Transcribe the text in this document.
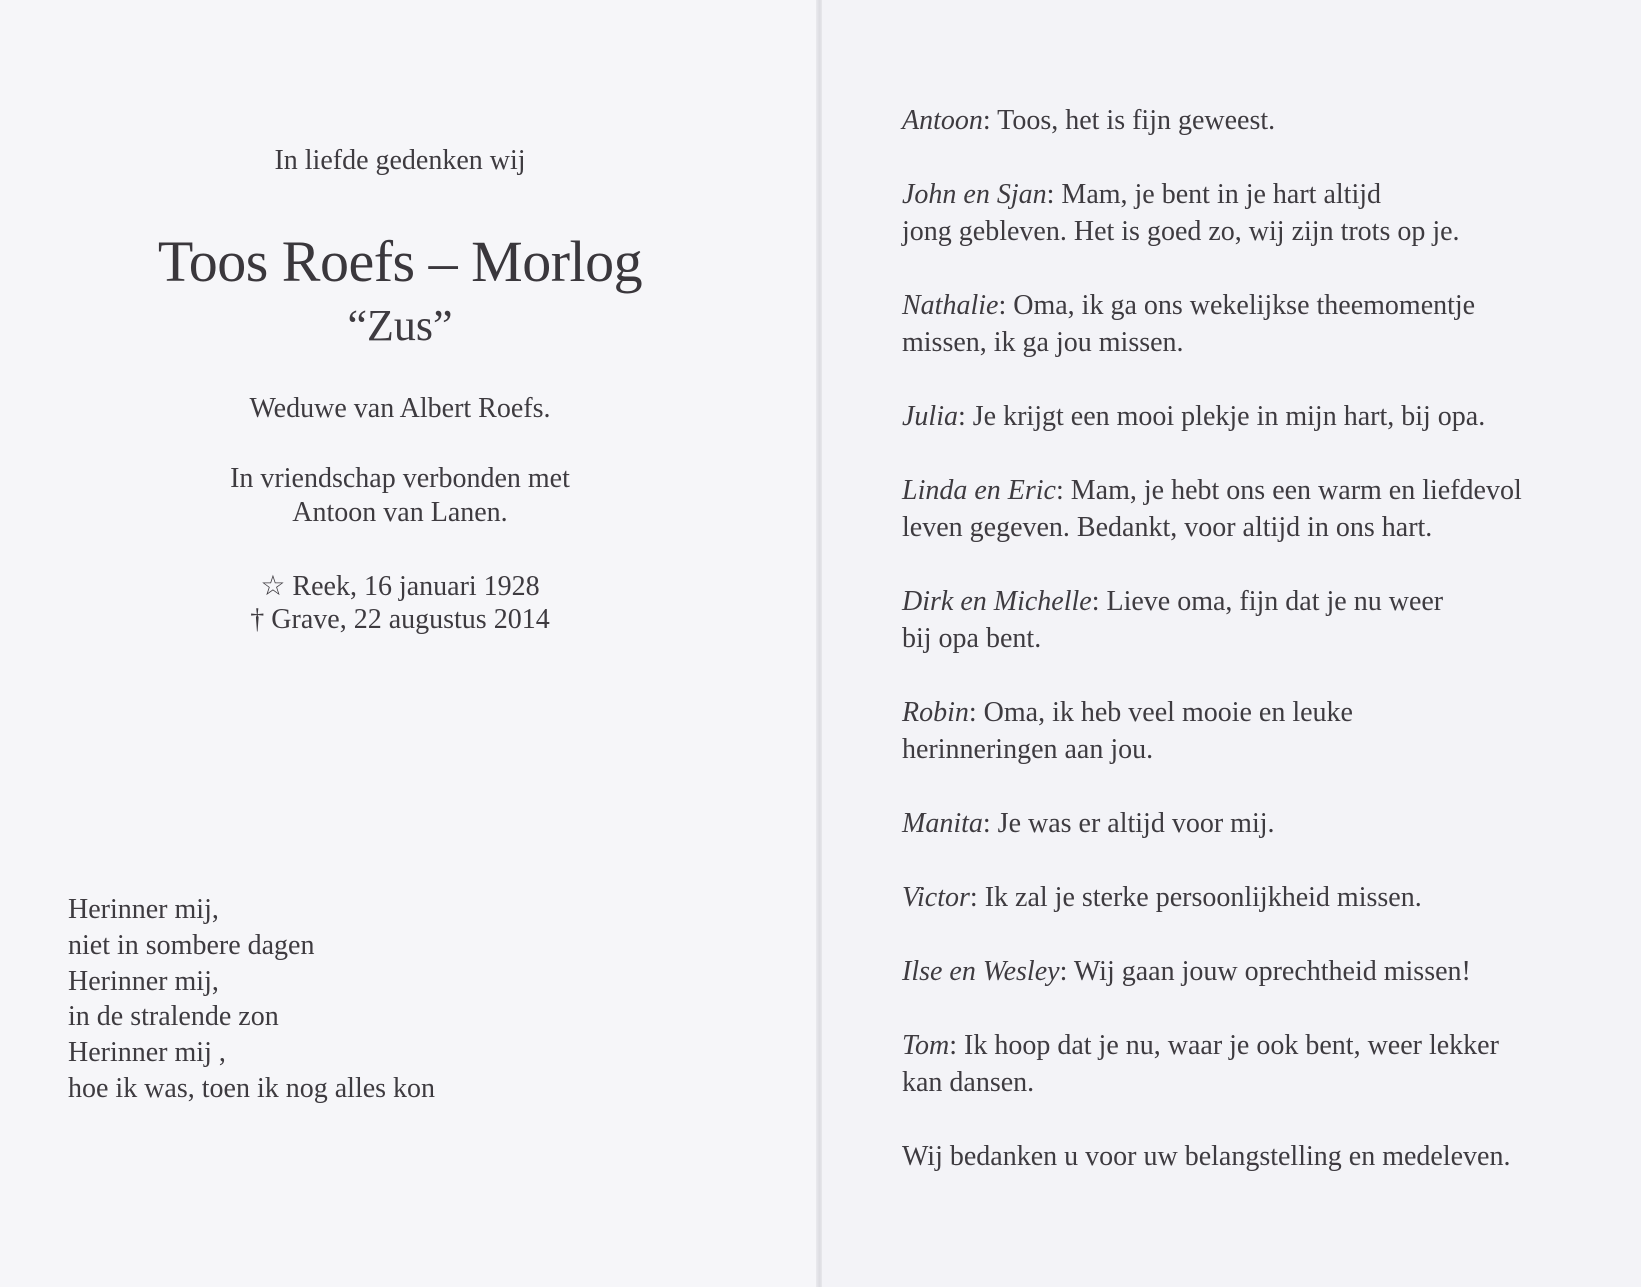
In liefde gedenken wij
Toos Roefs – Morlog
“Zus”
Weduwe van Albert Roefs.
In vriendschap verbonden met
Antoon van Lanen.
☆ Reek, 16 januari 1928
† Grave, 22 augustus 2014
Herinner mij,
niet in sombere dagen
Herinner mij,
in de stralende zon
Herinner mij ,
hoe ik was, toen ik nog alles kon
Antoon: Toos, het is fijn geweest.
John en Sjan: Mam, je bent in je hart altijd
jong gebleven. Het is goed zo, wij zijn trots op je.
Nathalie: Oma, ik ga ons wekelijkse theemomentje
missen, ik ga jou missen.
Julia: Je krijgt een mooi plekje in mijn hart, bij opa.
Linda en Eric: Mam, je hebt ons een warm en liefdevol
leven gegeven. Bedankt, voor altijd in ons hart.
Dirk en Michelle: Lieve oma, fijn dat je nu weer
bij opa bent.
Robin: Oma, ik heb veel mooie en leuke
herinneringen aan jou.
Manita: Je was er altijd voor mij.
Victor: Ik zal je sterke persoonlijkheid missen.
Ilse en Wesley: Wij gaan jouw oprechtheid missen!
Tom: Ik hoop dat je nu, waar je ook bent, weer lekker
kan dansen.
Wij bedanken u voor uw belangstelling en medeleven.
